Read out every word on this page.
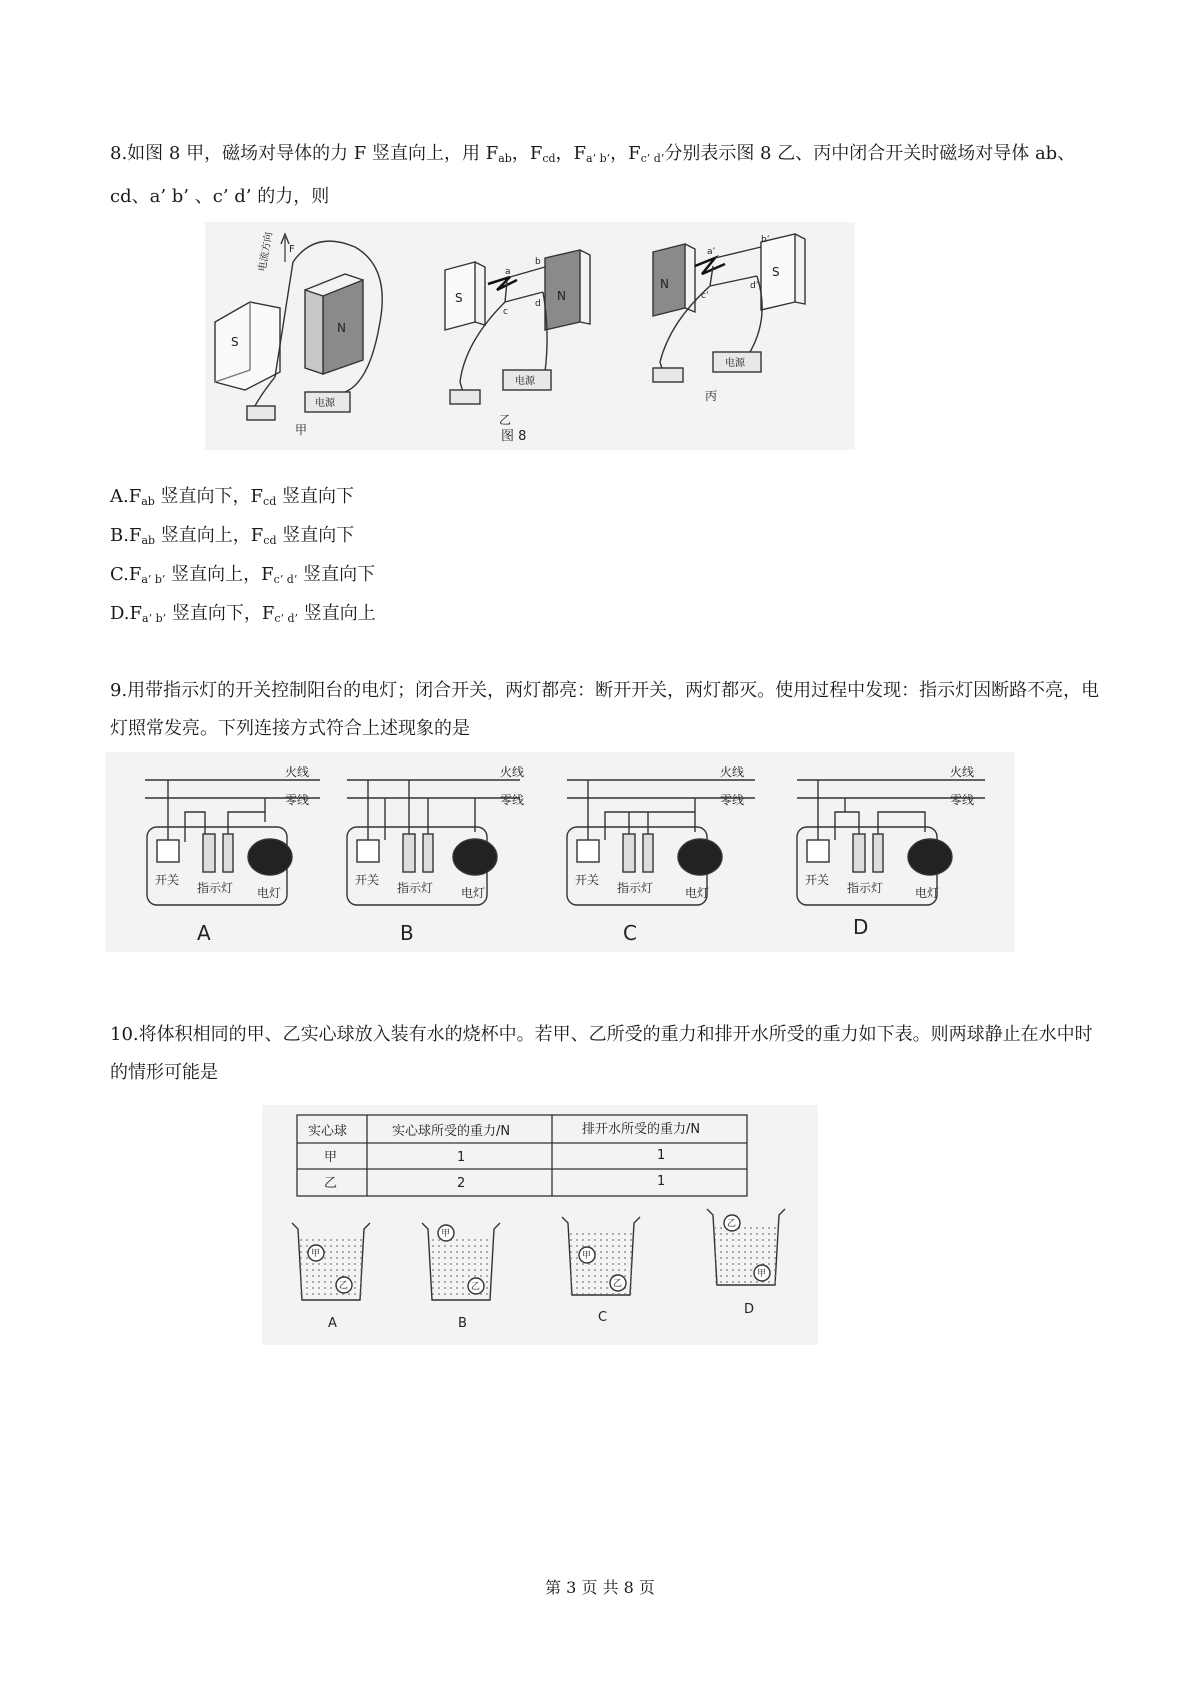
8.如图 8 甲，磁场对导体的力 F 竖直向上，用 $F_{ab}$，$F_{cd}$，$F_{a’ b’}$，$F_{c’ d’}$分别表示图 8 乙、丙中闭合开关时磁场对导体 ab、cd、a’ b’ 、c’ d’ 的力，则
S
N
F
电流方向
电源
甲
S	N
电源
乙
N
S
电源
丙
图 8
a
b
c
d
a’
b’
c’
d’
$A.F_{ab}$ 竖直向下，$F_{cd}$ 竖直向下
$B.F_{ab}$ 竖直向上，$F_{cd}$ 竖直向下
$C.F_{a’ b’}$ 竖直向上，$F_{c’ d’}$ 竖直向下
$D.F_{a’ b’}$ 竖直向下，$F_{c’ d’}$ 竖直向上
9.用带指示灯的开关控制阳台的电灯；闭合开关，两灯都亮：断开开关，两灯都灭。使用过程中发现：指示灯因断路不亮，电灯照常发亮。下列连接方式符合上述现象的是
火线
零线
开关
指示灯 电灯
A
火线
零线
开关
指示灯 电灯
B
火线
零线
开关
指示灯	电灯
C
火线
零线
开关
指示灯	电灯
D
10.将体积相同的甲、乙实心球放入装有水的烧杯中。若甲、乙所受的重力和排开水所受的重力如下表。则两球静止在水中时的情形可能是
实心球	实心球所受的重力/N	排开水所受的重力/N
甲	1	1
乙	2	1
甲
乙
甲
乙
甲
乙
乙
甲
A	B	C
D
第 3 页 共 8 页
